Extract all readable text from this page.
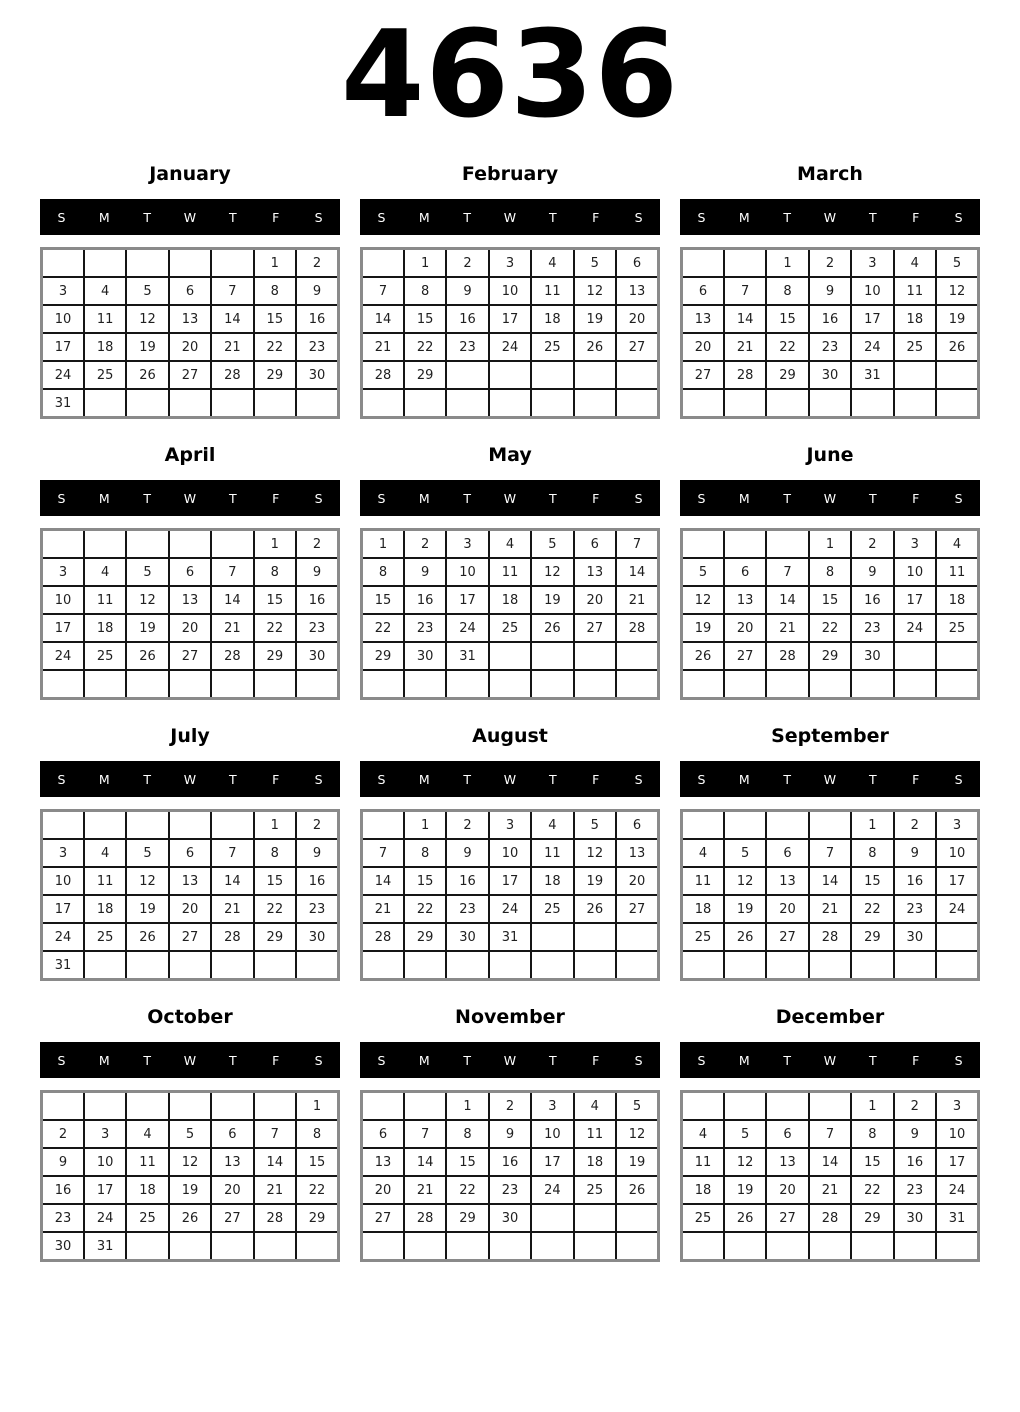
4636
January
S	M	T	W	T	F	S
					1	2
3	4	5	6	7	8	9
10	11	12	13	14	15	16
17	18	19	20	21	22	23
24	25	26	27	28	29	30
31						
February
S	M	T	W	T	F	S
	1	2	3	4	5	6
7	8	9	10	11	12	13
14	15	16	17	18	19	20
21	22	23	24	25	26	27
28	29					

March
S	M	T	W	T	F	S
		1	2	3	4	5
6	7	8	9	10	11	12
13	14	15	16	17	18	19
20	21	22	23	24	25	26
27	28	29	30	31		

April
S	M	T	W	T	F	S
					1	2
3	4	5	6	7	8	9
10	11	12	13	14	15	16
17	18	19	20	21	22	23
24	25	26	27	28	29	30

May
S	M	T	W	T	F	S
1	2	3	4	5	6	7
8	9	10	11	12	13	14
15	16	17	18	19	20	21
22	23	24	25	26	27	28
29	30	31				

June
S	M	T	W	T	F	S
			1	2	3	4
5	6	7	8	9	10	11
12	13	14	15	16	17	18
19	20	21	22	23	24	25
26	27	28	29	30		

July
S	M	T	W	T	F	S
					1	2
3	4	5	6	7	8	9
10	11	12	13	14	15	16
17	18	19	20	21	22	23
24	25	26	27	28	29	30
31						
August
S	M	T	W	T	F	S
	1	2	3	4	5	6
7	8	9	10	11	12	13
14	15	16	17	18	19	20
21	22	23	24	25	26	27
28	29	30	31			

September
S	M	T	W	T	F	S
				1	2	3
4	5	6	7	8	9	10
11	12	13	14	15	16	17
18	19	20	21	22	23	24
25	26	27	28	29	30	

October
S	M	T	W	T	F	S
						1
2	3	4	5	6	7	8
9	10	11	12	13	14	15
16	17	18	19	20	21	22
23	24	25	26	27	28	29
30	31					
November
S	M	T	W	T	F	S
		1	2	3	4	5
6	7	8	9	10	11	12
13	14	15	16	17	18	19
20	21	22	23	24	25	26
27	28	29	30			

December
S	M	T	W	T	F	S
				1	2	3
4	5	6	7	8	9	10
11	12	13	14	15	16	17
18	19	20	21	22	23	24
25	26	27	28	29	30	31
